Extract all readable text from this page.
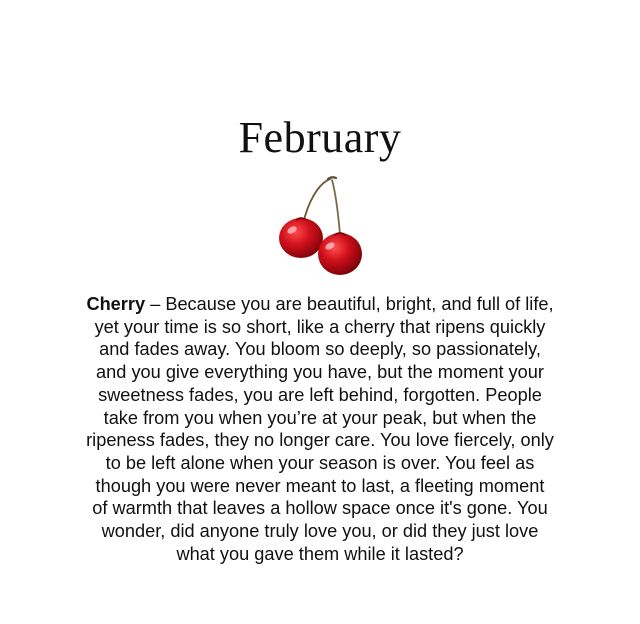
February
Cherry – Because you are beautiful, bright, and full of life, yet your time is so short, like a cherry that ripens quickly and fades away. You bloom so deeply, so passionately, and you give everything you have, but the moment your sweetness fades, you are left behind, forgotten. People take from you when you’re at your peak, but when the ripeness fades, they no longer care. You love fiercely, only to be left alone when your season is over. You feel as though you were never meant to last, a fleeting moment of warmth that leaves a hollow space once it's gone. You wonder, did anyone truly love you, or did they just love what you gave them while it lasted?
